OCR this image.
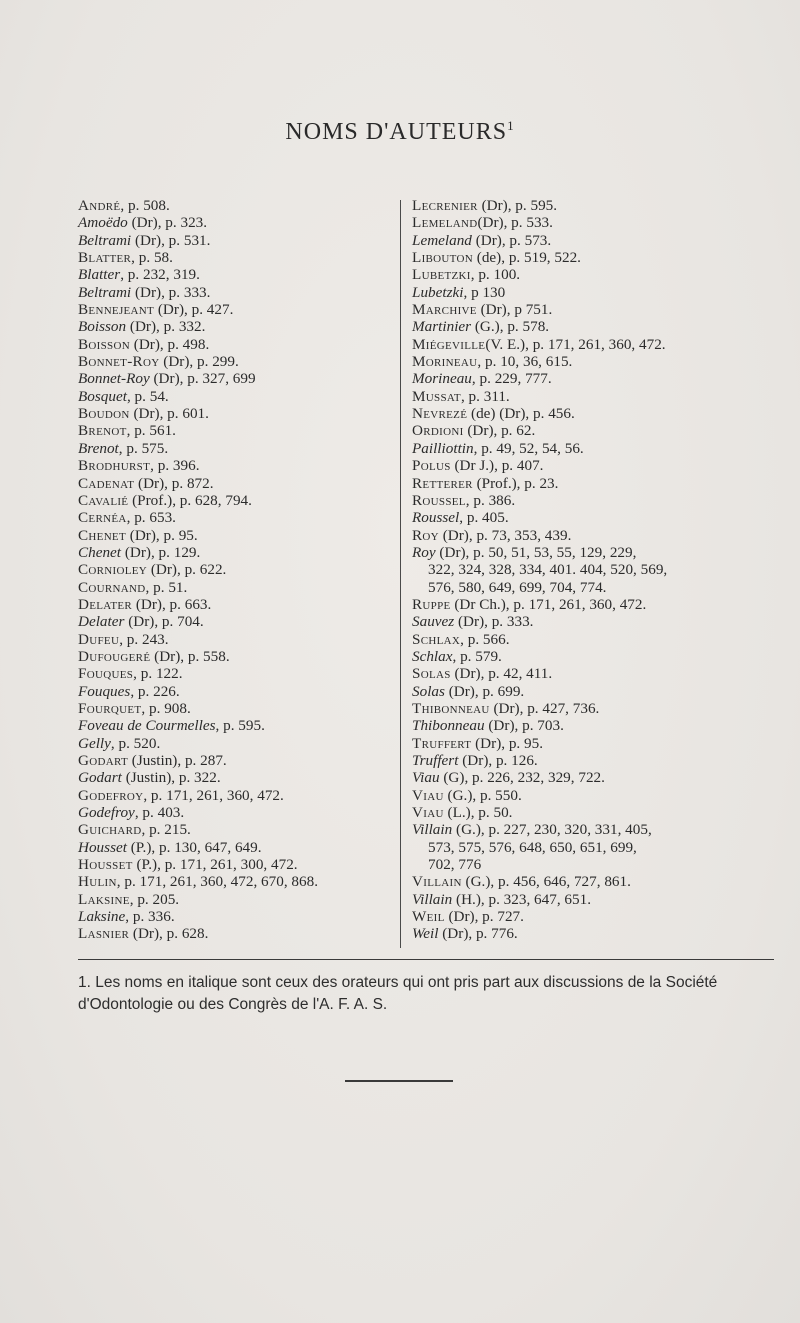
NOMS D'AUTEURS$^1$
André, p. 508.
Amoëdo (Dr), p. 323.
Beltrami (Dr), p. 531.
Blatter, p. 58.
Blatter, p. 232, 319.
Beltrami (Dr), p. 333.
Bennejeant (Dr), p. 427.
Boisson (Dr), p. 332.
Boisson (Dr), p. 498.
Bonnet-Roy (Dr), p. 299.
Bonnet-Roy (Dr), p. 327, 699
Bosquet, p. 54.
Boudon (Dr), p. 601.
Brenot, p. 561.
Brenot, p. 575.
Brodhurst, p. 396.
Cadenat (Dr), p. 872.
Cavalié (Prof.), p. 628, 794.
Cernéa, p. 653.
Chenet (Dr), p. 95.
Chenet (Dr), p. 129.
Cornioley (Dr), p. 622.
Cournand, p. 51.
Delater (Dr), p. 663.
Delater (Dr), p. 704.
Dufeu, p. 243.
Dufougeré (Dr), p. 558.
Fouques, p. 122.
Fouques, p. 226.
Fourquet, p. 908.
Foveau de Courmelles, p. 595.
Gelly, p. 520.
Godart (Justin), p. 287.
Godart (Justin), p. 322.
Godefroy, p. 171, 261, 360, 472.
Godefroy, p. 403.
Guichard, p. 215.
Housset (P.), p. 130, 647, 649.
Housset (P.), p. 171, 261, 300, 472.
Hulin, p. 171, 261, 360, 472, 670, 868.
Laksine, p. 205.
Laksine, p. 336.
Lasnier (Dr), p. 628.
Lecrenier (Dr), p. 595.
Lemeland(Dr), p. 533.
Lemeland (Dr), p. 573.
Libouton (de), p. 519, 522.
Lubetzki, p. 100.
Lubetzki, p 130
Marchive (Dr), p 751.
Martinier (G.), p. 578.
Miégeville(V. E.), p. 171, 261, 360, 472.
Morineau, p. 10, 36, 615.
Morineau, p. 229, 777.
Mussat, p. 311.
Nevrezé (de) (Dr), p. 456.
Ordioni (Dr), p. 62.
Pailliottin, p. 49, 52, 54, 56.
Polus (Dr J.), p. 407.
Retterer (Prof.), p. 23.
Roussel, p. 386.
Roussel, p. 405.
Roy (Dr), p. 73, 353, 439.
Roy (Dr), p. 50, 51, 53, 55, 129, 229,
322, 324, 328, 334, 401. 404, 520, 569,
576, 580, 649, 699, 704, 774.
Ruppe (Dr Ch.), p. 171, 261, 360, 472.
Sauvez (Dr), p. 333.
Schlax, p. 566.
Schlax, p. 579.
Solas (Dr), p. 42, 411.
Solas (Dr), p. 699.
Thibonneau (Dr), p. 427, 736.
Thibonneau (Dr), p. 703.
Truffert (Dr), p. 95.
Truffert (Dr), p. 126.
Viau (G), p. 226, 232, 329, 722.
Viau (G.), p. 550.
Viau (L.), p. 50.
Villain (G.), p. 227, 230, 320, 331, 405,
573, 575, 576, 648, 650, 651, 699,
702, 776
Villain (G.), p. 456, 646, 727, 861.
Villain (H.), p. 323, 647, 651.
Weil (Dr), p. 727.
Weil (Dr), p. 776.
1. Les noms en italique sont ceux des orateurs qui ont pris part aux discussions de la Société d'Odontologie ou des Congrès de l'A. F. A. S.
